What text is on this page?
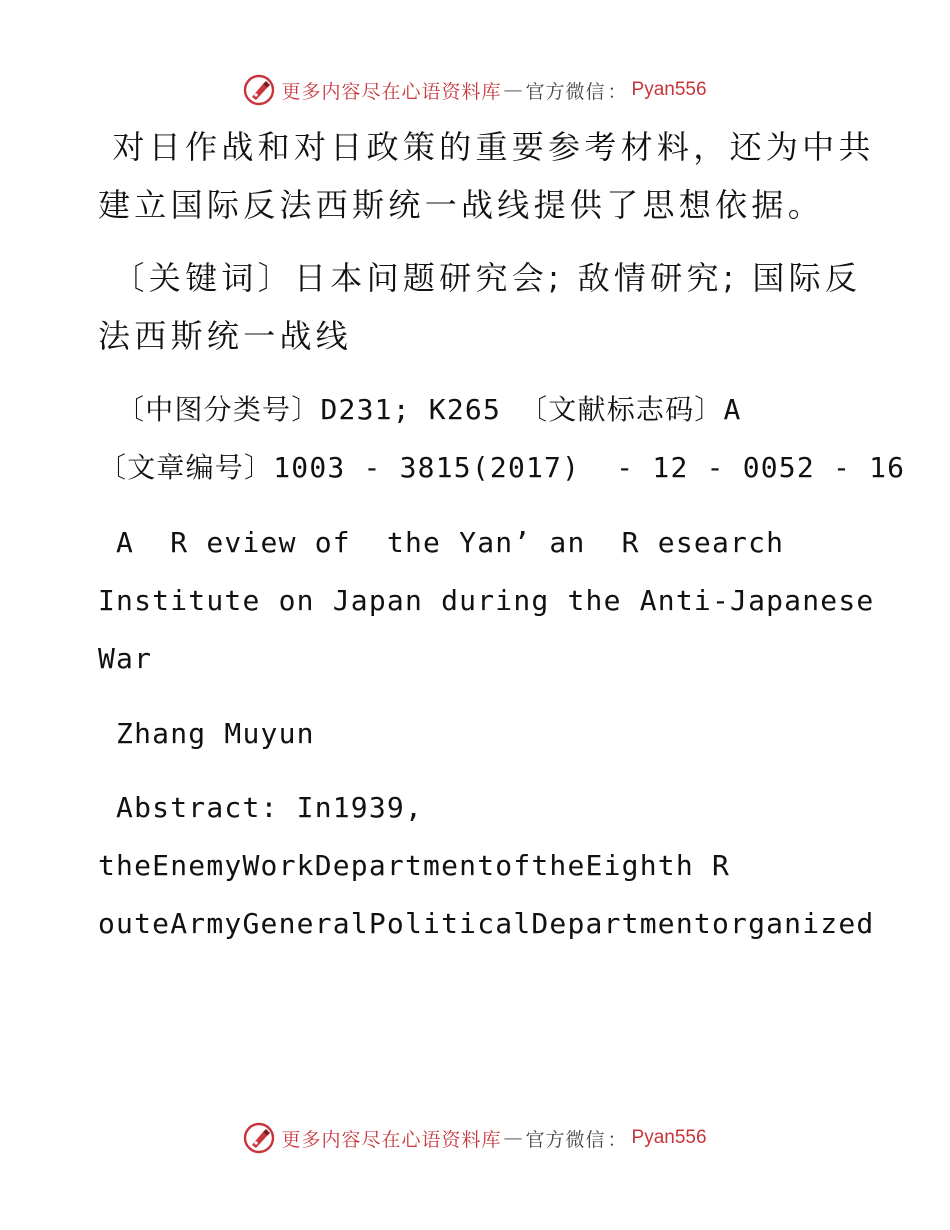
更多内容尽在心语资料库 — 官方微信 ： Pyan556
对日作战和对日政策的重要参考材料，还为中共
建立国际反法西斯统一战线提供了思想依据。
〔关键词〕日本问题研究会; 敌情研究; 国际反
法西斯统一战线
〔中图分类号〕D231; K265 〔文献标志码〕A
〔文章编号〕1003 - 3815(2017)  - 12 - 0052 - 16
A  R eview of  the Yan’ an  R esearch
Institute on Japan during the Anti-Japanese
War
Zhang Muyun
Abstract: In1939,
theEnemyWorkDepartmentoftheEighth R
outeArmyGeneralPoliticalDepartmentorganized
更多内容尽在心语资料库 — 官方微信 ： Pyan556
